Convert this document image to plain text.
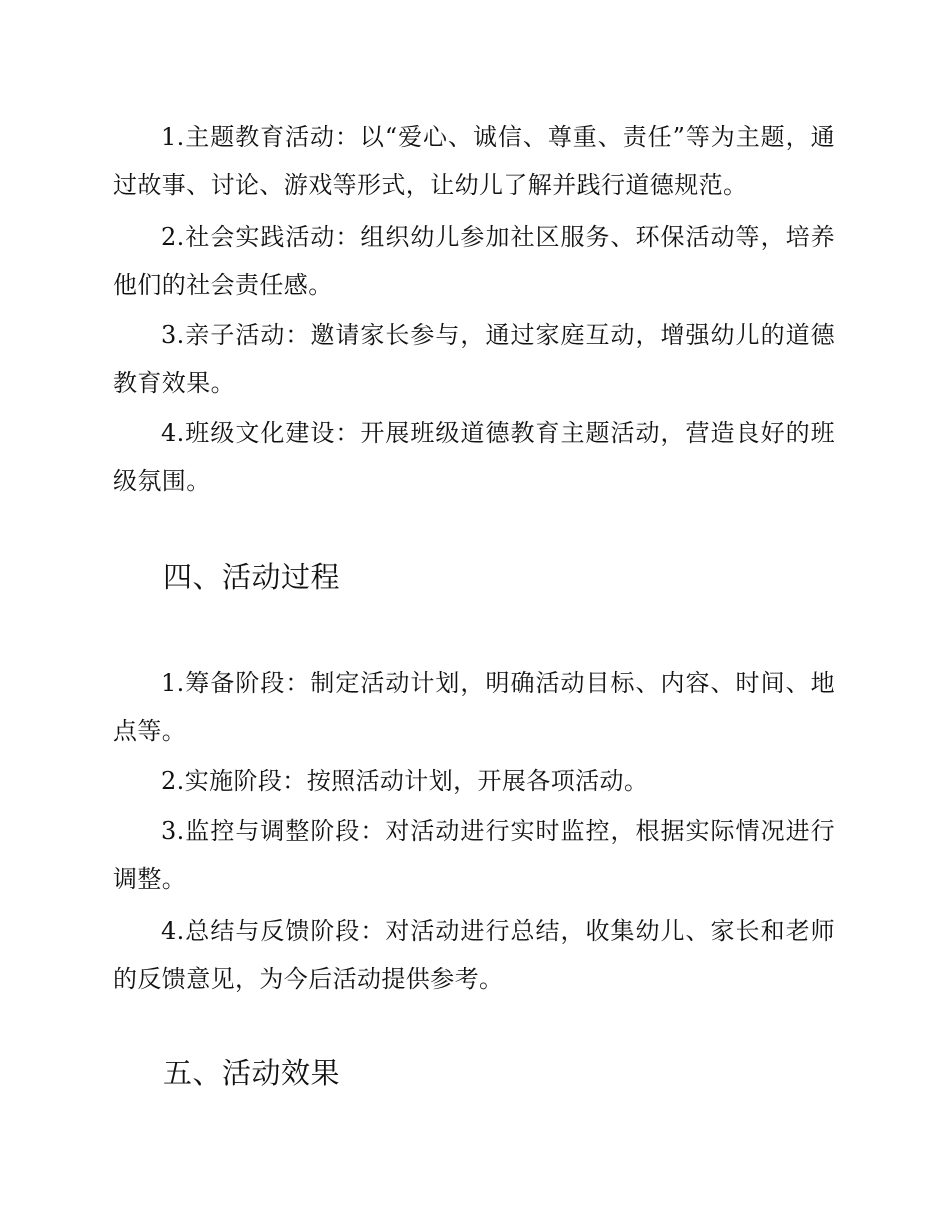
1.主题教育活动：以“爱心、诚信、尊重、责任”等为主题，通过故事、讨论、游戏等形式，让幼儿了解并践行道德规范。

2.社会实践活动：组织幼儿参加社区服务、环保活动等，培养他们的社会责任感。

3.亲子活动：邀请家长参与，通过家庭互动，增强幼儿的道德教育效果。

4.班级文化建设：开展班级道德教育主题活动，营造良好的班级氛围。

四、活动过程

1.筹备阶段：制定活动计划，明确活动目标、内容、时间、地点等。

2.实施阶段：按照活动计划，开展各项活动。

3.监控与调整阶段：对活动进行实时监控，根据实际情况进行调整。

4.总结与反馈阶段：对活动进行总结，收集幼儿、家长和老师的反馈意见，为今后活动提供参考。

五、活动效果
